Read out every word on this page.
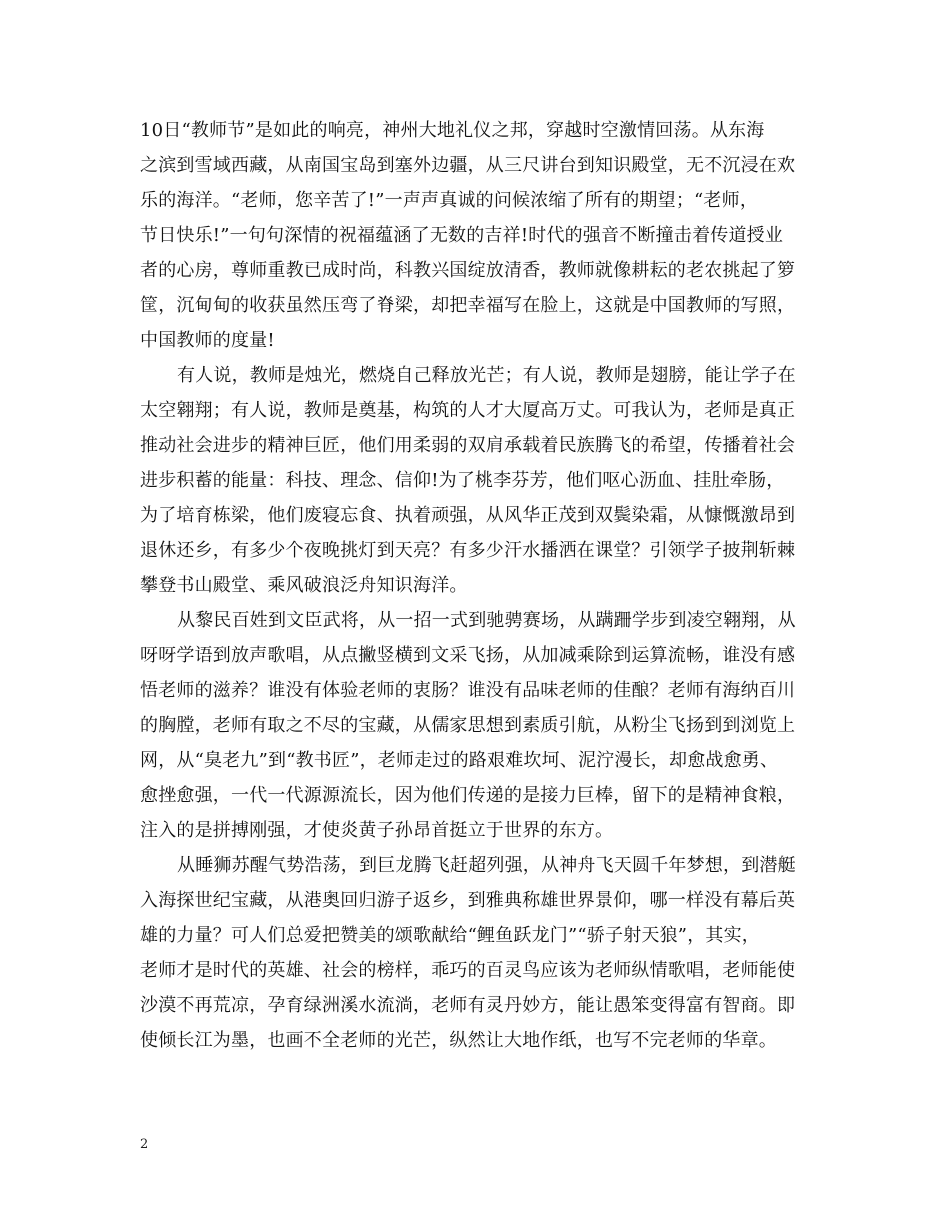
10日“教师节”是如此的响亮，神州大地礼仪之邦，穿越时空激情回荡。从东海
之滨到雪域西藏，从南国宝岛到塞外边疆，从三尺讲台到知识殿堂，无不沉浸在欢
乐的海洋。“老师，您辛苦了!”一声声真诚的问候浓缩了所有的期望；“老师，
节日快乐!”一句句深情的祝福蕴涵了无数的吉祥!时代的强音不断撞击着传道授业
者的心房，尊师重教已成时尚，科教兴国绽放清香，教师就像耕耘的老农挑起了箩
筐，沉甸甸的收获虽然压弯了脊梁，却把幸福写在脸上，这就是中国教师的写照，
中国教师的度量!

有人说，教师是烛光，燃烧自己释放光芒；有人说，教师是翅膀，能让学子在
太空翱翔；有人说，教师是奠基，构筑的人才大厦高万丈。可我认为，老师是真正
推动社会进步的精神巨匠，他们用柔弱的双肩承载着民族腾飞的希望，传播着社会
进步积蓄的能量：科技、理念、信仰!为了桃李芬芳，他们呕心沥血、挂肚牵肠，
为了培育栋梁，他们废寝忘食、执着顽强，从风华正茂到双鬓染霜，从慷慨激昂到
退休还乡，有多少个夜晚挑灯到天亮？有多少汗水播洒在课堂？引领学子披荆斩棘
攀登书山殿堂、乘风破浪泛舟知识海洋。

从黎民百姓到文臣武将，从一招一式到驰骋赛场，从蹒跚学步到凌空翱翔，从
呀呀学语到放声歌唱，从点撇竖横到文采飞扬，从加减乘除到运算流畅，谁没有感
悟老师的滋养？谁没有体验老师的衷肠？谁没有品味老师的佳酿？老师有海纳百川
的胸膛，老师有取之不尽的宝藏，从儒家思想到素质引航，从粉尘飞扬到到浏览上
网，从“臭老九”到“教书匠”，老师走过的路艰难坎坷、泥泞漫长，却愈战愈勇、
愈挫愈强，一代一代源源流长，因为他们传递的是接力巨棒，留下的是精神食粮，
注入的是拼搏刚强，才使炎黄子孙昂首挺立于世界的东方。

从睡狮苏醒气势浩荡，到巨龙腾飞赶超列强，从神舟飞天圆千年梦想，到潜艇
入海探世纪宝藏，从港奥回归游子返乡，到雅典称雄世界景仰，哪一样没有幕后英
雄的力量？可人们总爱把赞美的颂歌献给“鲤鱼跃龙门”“骄子射天狼”，其实，
老师才是时代的英雄、社会的榜样，乖巧的百灵鸟应该为老师纵情歌唱，老师能使
沙漠不再荒凉，孕育绿洲溪水流淌，老师有灵丹妙方，能让愚笨变得富有智商。即
使倾长江为墨，也画不全老师的光芒，纵然让大地作纸，也写不完老师的华章。

2
